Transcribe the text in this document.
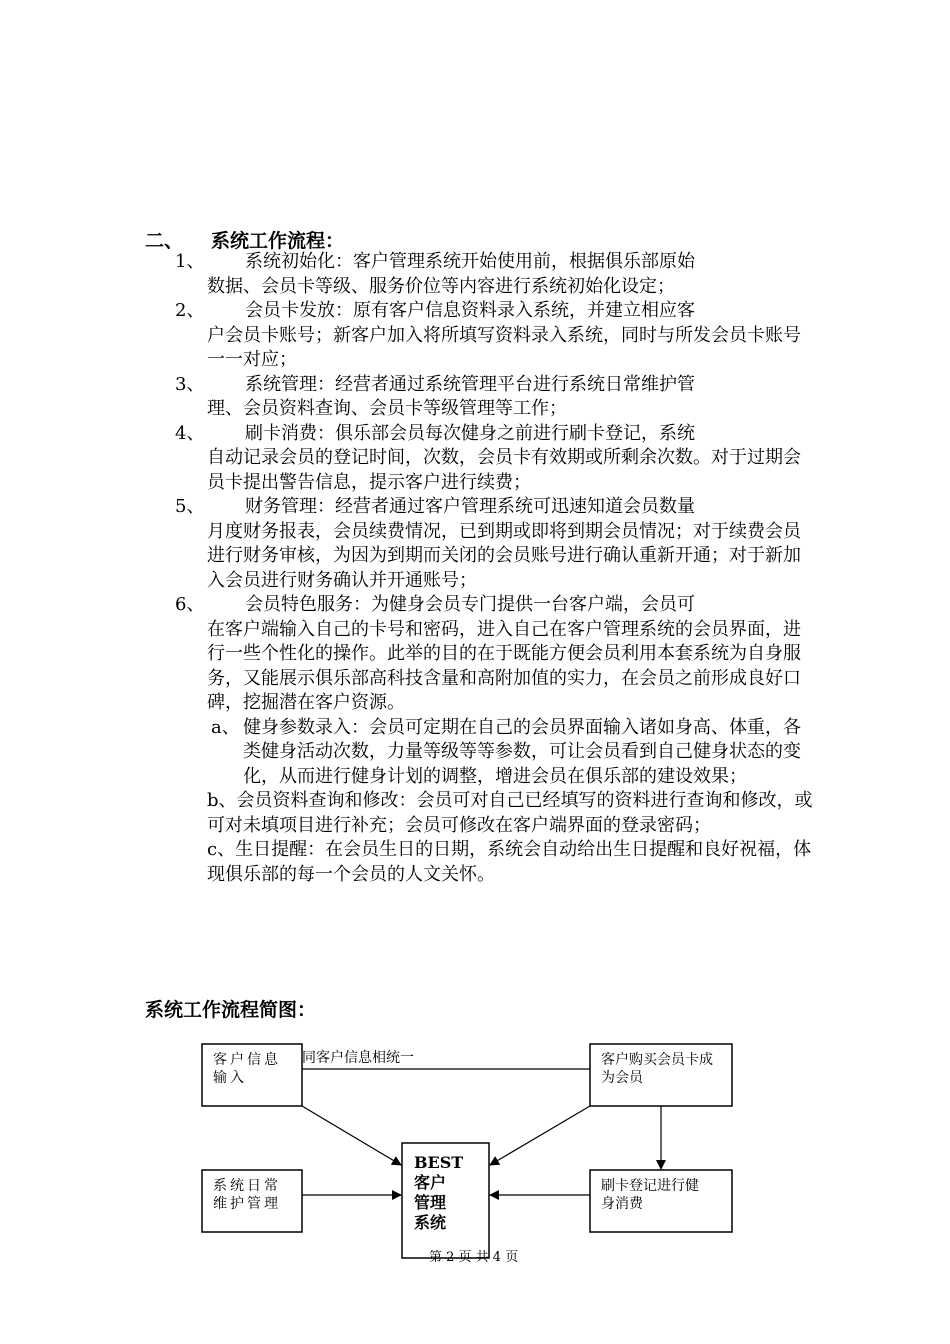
二、 系统工作流程：
1、	系统初始化：客户管理系统开始使用前，根据俱乐部原始
数据、会员卡等级、服务价位等内容进行系统初始化设定；
2、	会员卡发放：原有客户信息资料录入系统，并建立相应客
户会员卡账号；新客户加入将所填写资料录入系统，同时与所发会员卡账号一一对应；
3、	系统管理：经营者通过系统管理平台进行系统日常维护管
理、会员资料查询、会员卡等级管理等工作；
4、	刷卡消费：俱乐部会员每次健身之前进行刷卡登记，系统
自动记录会员的登记时间，次数，会员卡有效期或所剩余次数。对于过期会员卡提出警告信息，提示客户进行续费；
5、	财务管理：经营者通过客户管理系统可迅速知道会员数量
月度财务报表，会员续费情况，已到期或即将到期会员情况；对于续费会员进行财务审核，为因为到期而关闭的会员账号进行确认重新开通；对于新加入会员进行财务确认并开通账号；
6、	会员特色服务：为健身会员专门提供一台客户端，会员可
在客户端输入自己的卡号和密码，进入自己在客户管理系统的会员界面，进行一些个性化的操作。此举的目的在于既能方便会员利用本套系统为自身服务，又能展示俱乐部高科技含量和高附加值的实力，在会员之前形成良好口碑，挖掘潜在客户资源。
a、 健身参数录入：会员可定期在自己的会员界面输入诸如身高、体重，各类健身活动次数，力量等级等等参数，可让会员看到自己健身状态的变化，从而进行健身计划的调整，增进会员在俱乐部的建设效果；
b、会员资料查询和修改：会员可对自己已经填写的资料进行查询和修改，或可对未填项目进行补充；会员可修改在客户端界面的登录密码；
c、生日提醒：在会员生日的日期，系统会自动给出生日提醒和良好祝福，体现俱乐部的每一个会员的人文关怀。
系统工作流程简图：
同客户信息相统一
客户信息输入
客户购买会员卡成为会员
系统日常维护管理
刷卡登记进行健身消费
BEST
客户
管理
系统
第 2 页 共 4 页
